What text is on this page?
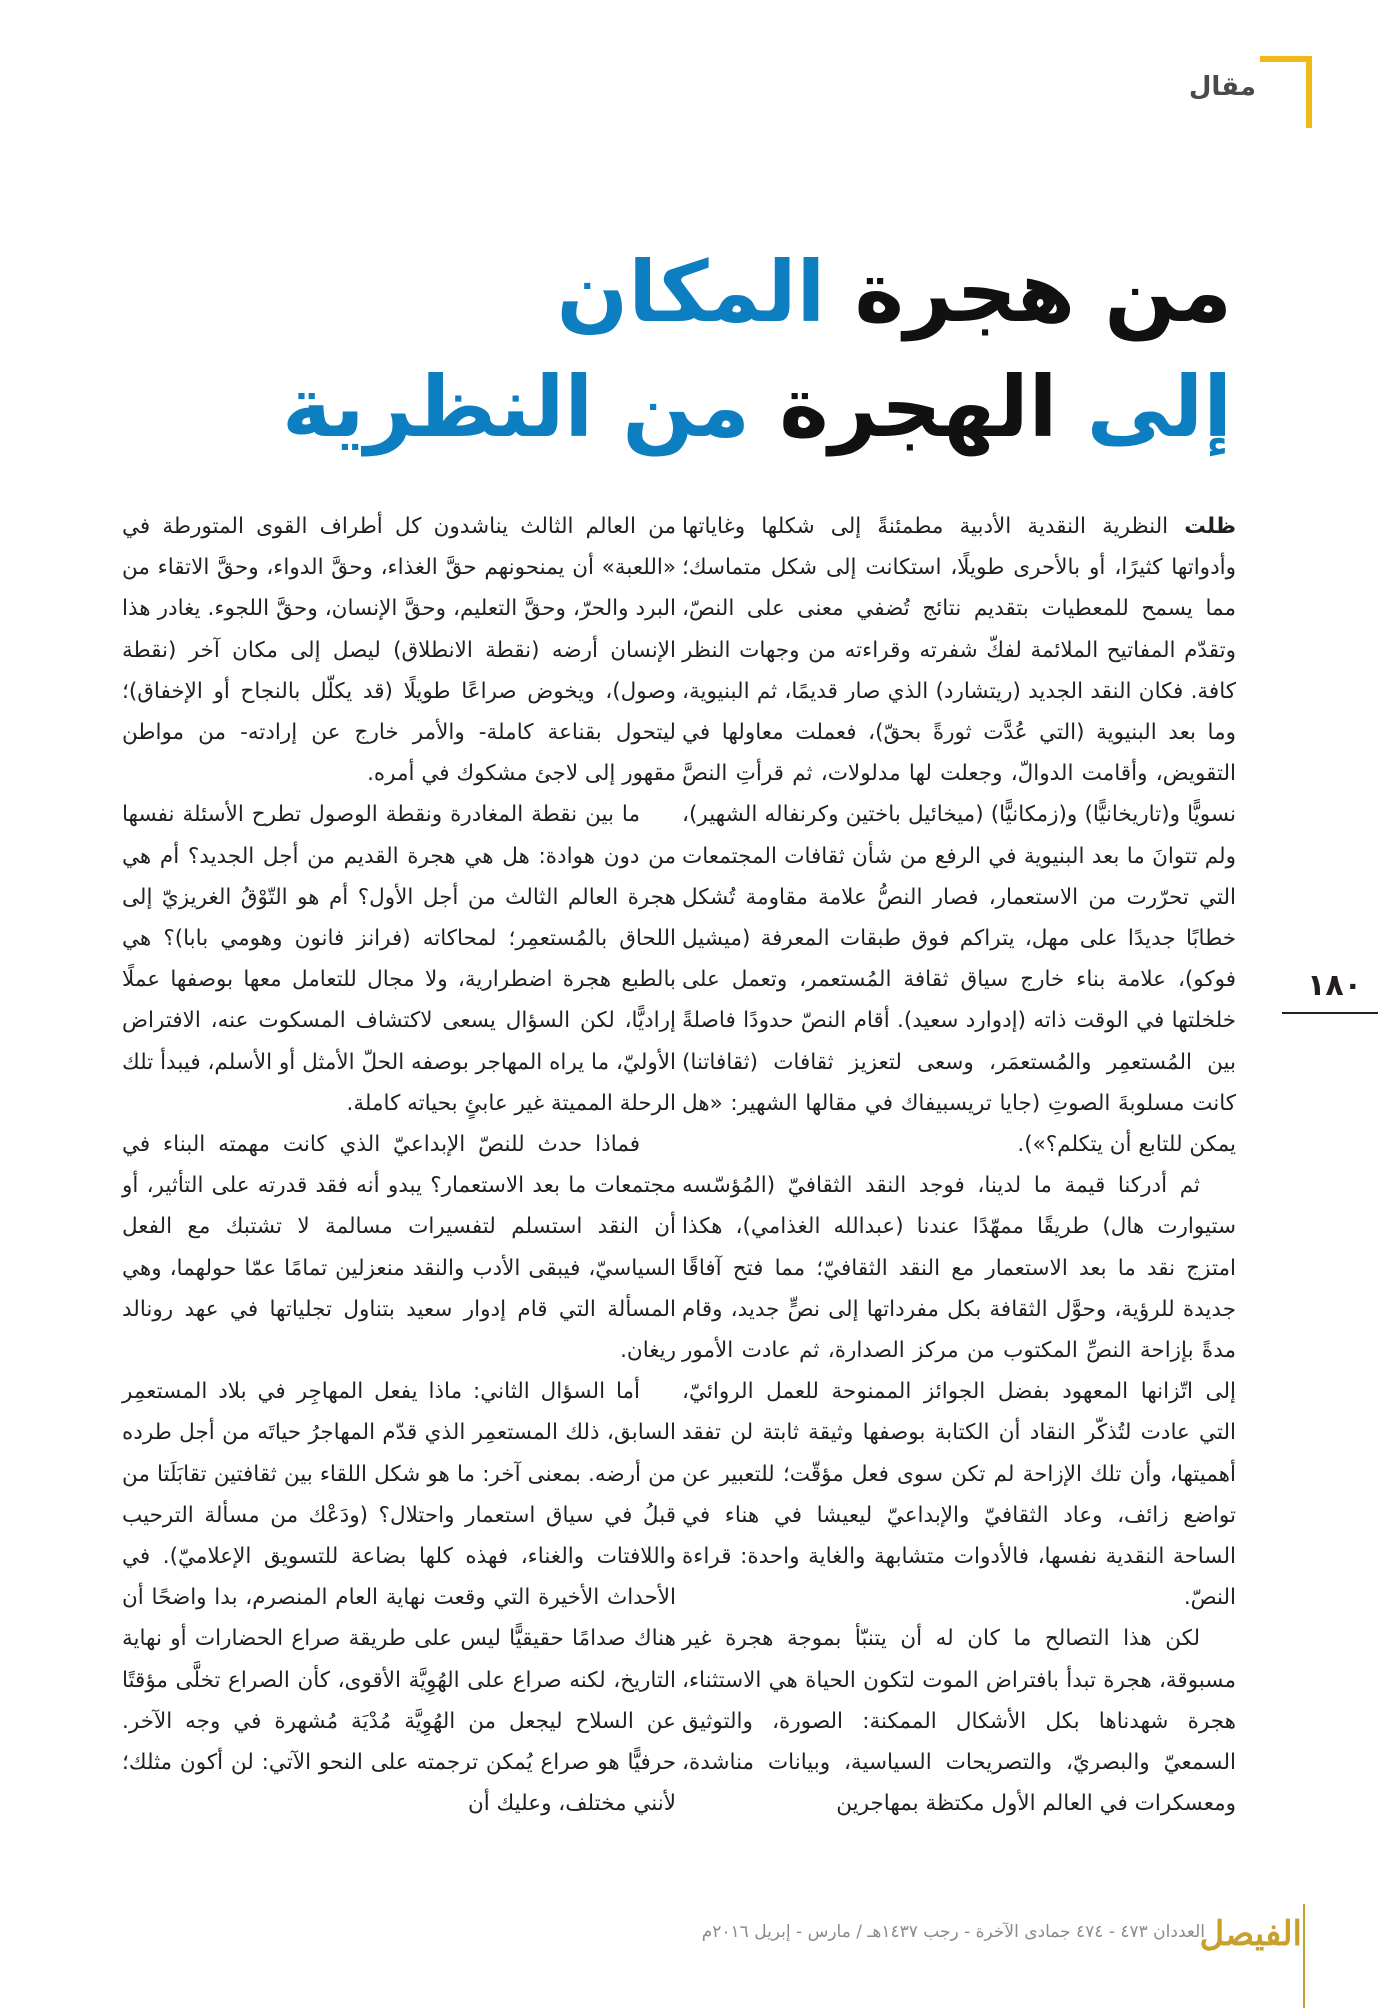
مقال
من هجرة المكان
إلى الهجرة من النظرية

ظلت النظرية النقدية الأدبية مطمئنةً إلى شكلها وغاياتها وأدواتها كثيرًا، أو بالأحرى طويلًا، استكانت إلى شكل متماسك؛ مما يسمح للمعطيات بتقديم نتائج تُضفي معنى على النصّ، وتقدّم المفاتيح الملائمة لفكّ شفرته وقراءته من وجهات النظر كافة. فكان النقد الجديد (ريتشارد) الذي صار قديمًا، ثم البنيوية، وما بعد البنيوية (التي عُدَّت ثورةً بحقّ)، فعملت معاولها في التقويض، وأقامت الدوالّ، وجعلت لها مدلولات، ثم قرأتِ النصَّ نسويًّا و(تاريخانيًّا) و(زمكانيًّا) (ميخائيل باختين وكرنفاله الشهير)، ولم تتوانَ ما بعد البنيوية في الرفع من شأن ثقافات المجتمعات التي تحرّرت من الاستعمار، فصار النصُّ علامة مقاومة تُشكل خطابًا جديدًا على مهل، يتراكم فوق طبقات المعرفة (ميشيل فوكو)، علامة بناء خارج سياق ثقافة المُستعمر، وتعمل على خلخلتها في الوقت ذاته (إدوارد سعيد). أقام النصّ حدودًا فاصلةً بين المُستعمِر والمُستعمَر، وسعى لتعزيز ثقافات (ثقافاتنا) كانت مسلوبةَ الصوتِ (جايا تريسبيفاك في مقالها الشهير: «هل يمكن للتابع أن يتكلم؟»).

ثم أدركنا قيمة ما لدينا، فوجد النقد الثقافيّ (المُؤسّسه ستيوارت هال) طريقًا ممهّدًا عندنا (عبدالله الغذامي)، هكذا امتزج نقد ما بعد الاستعمار مع النقد الثقافيّ؛ مما فتح آفاقًا جديدة للرؤية، وحوَّل الثقافة بكل مفرداتها إلى نصٍّ جديد، وقام مدةً بإزاحة النصِّ المكتوب من مركز الصدارة، ثم عادت الأمور إلى اتّزانها المعهود بفضل الجوائز الممنوحة للعمل الروائيّ، التي عادت لتُذكّر النقاد أن الكتابة بوصفها وثيقة ثابتة لن تفقد أهميتها، وأن تلك الإزاحة لم تكن سوى فعل مؤقّت؛ للتعبير عن تواضع زائف، وعاد الثقافيّ والإبداعيّ ليعيشا في هناء في الساحة النقدية نفسها، فالأدوات متشابهة والغاية واحدة: قراءة النصّ.

لكن هذا التصالح ما كان له أن يتنبّأ بموجة هجرة غير مسبوقة، هجرة تبدأ بافتراض الموت لتكون الحياة هي الاستثناء، هجرة شهدناها بكل الأشكال الممكنة: الصورة، والتوثيق السمعيّ والبصريّ، والتصريحات السياسية، وبيانات مناشدة، ومعسكرات في العالم الأول مكتظة بمهاجرين

من العالم الثالث يناشدون كل أطراف القوى المتورطة في «اللعبة» أن يمنحونهم حقَّ الغذاء، وحقَّ الدواء، وحقَّ الاتقاء من البرد والحرّ، وحقَّ التعليم، وحقَّ الإنسان، وحقَّ اللجوء. يغادر هذا الإنسان أرضه (نقطة الانطلاق) ليصل إلى مكان آخر (نقطة وصول)، ويخوض صراعًا طويلًا (قد يكلّل بالنجاح أو الإخفاق)؛ ليتحول بقناعة كاملة- والأمر خارج عن إرادته- من مواطن مقهور إلى لاجئ مشكوك في أمره.

ما بين نقطة المغادرة ونقطة الوصول تطرح الأسئلة نفسها من دون هوادة: هل هي هجرة القديم من أجل الجديد؟ أم هي هجرة العالم الثالث من أجل الأول؟ أم هو التّوْقُ الغريزيّ إلى اللحاق بالمُستعمِر؛ لمحاكاته (فرانز فانون وهومي بابا)؟ هي بالطبع هجرة اضطرارية، ولا مجال للتعامل معها بوصفها عملًا إراديًّا، لكن السؤال يسعى لاكتشاف المسكوت عنه، الافتراض الأوليّ، ما يراه المهاجر بوصفه الحلّ الأمثل أو الأسلم، فيبدأ تلك الرحلة المميتة غير عابئٍ بحياته كاملة.

فماذا حدث للنصّ الإبداعيّ الذي كانت مهمته البناء في مجتمعات ما بعد الاستعمار؟ يبدو أنه فقد قدرته على التأثير، أو أن النقد استسلم لتفسيرات مسالمة لا تشتبك مع الفعل السياسيّ، فيبقى الأدب والنقد منعزلين تمامًا عمّا حولهما، وهي المسألة التي قام إدوار سعيد بتناول تجلياتها في عهد رونالد ريغان.

أما السؤال الثاني: ماذا يفعل المهاجِر في بلاد المستعمِر السابق، ذلك المستعمِر الذي قدّم المهاجرُ حياتَه من أجل طرده من أرضه. بمعنى آخر: ما هو شكل اللقاء بين ثقافتين تقابَلَتا من قبلُ في سياق استعمار واحتلال؟ (ودَعْك من مسألة الترحيب واللافتات والغناء، فهذه كلها بضاعة للتسويق الإعلاميّ). في الأحداث الأخيرة التي وقعت نهاية العام المنصرم، بدا واضحًا أن هناك صدامًا حقيقيًّا ليس على طريقة صراع الحضارات أو نهاية التاريخ، لكنه صراع على الهُوِيَّة الأقوى، كأن الصراع تخلَّى مؤقتًا عن السلاح ليجعل من الهُوِيَّة مُدْيَة مُشهرة في وجه الآخر. حرفيًّا هو صراع يُمكن ترجمته على النحو الآتي: لن أكون مثلك؛ لأنني مختلف، وعليك أن

١٨٠
الفيصل
العددان ٤٧٣ - ٤٧٤ جمادى الآخرة - رجب ١٤٣٧هـ / مارس - إبريل ٢٠١٦م
